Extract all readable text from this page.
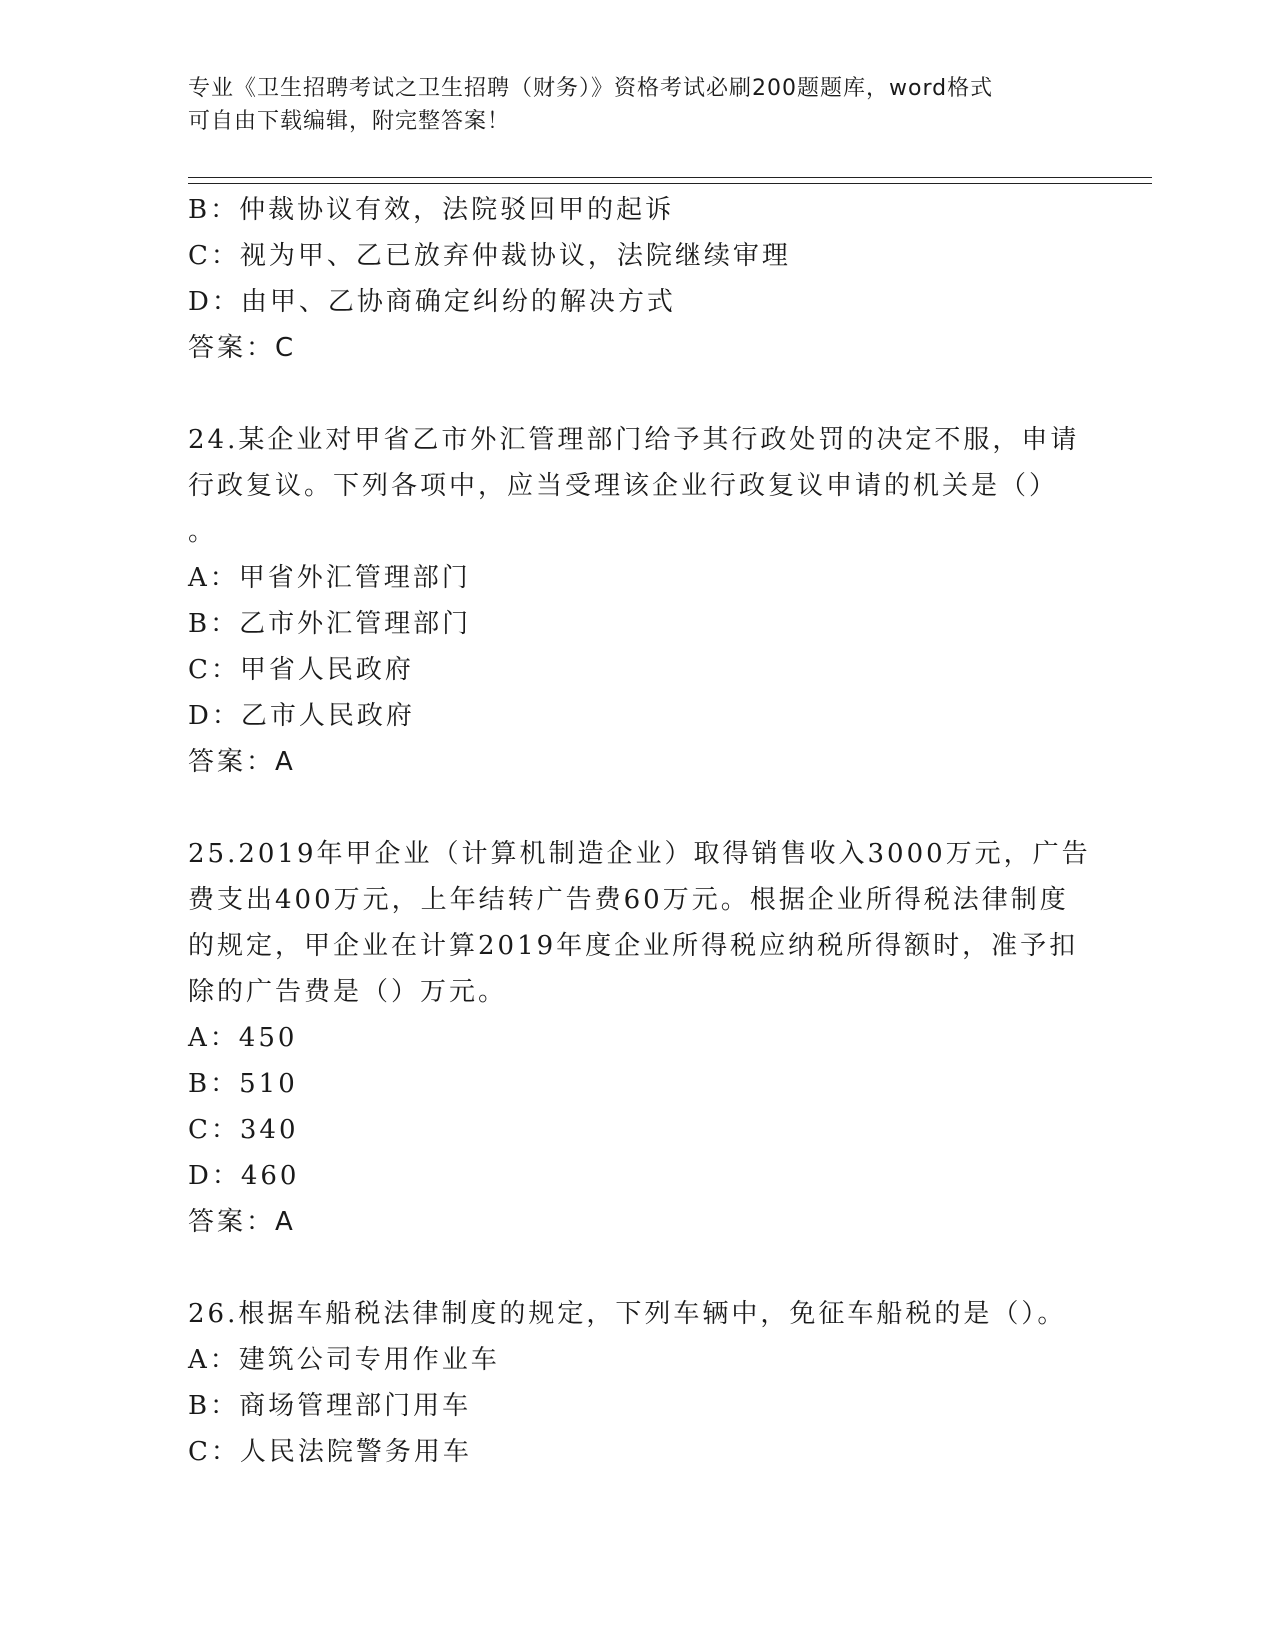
专业《卫生招聘考试之卫生招聘（财务）》资格考试必刷200题题库，word格式
可自由下载编辑，附完整答案！
B：仲裁协议有效，法院驳回甲的起诉
C：视为甲、乙已放弃仲裁协议，法院继续审理
D：由甲、乙协商确定纠纷的解决方式
答案：C
24.某企业对甲省乙市外汇管理部门给予其行政处罚的决定不服，申请
行政复议。下列各项中，应当受理该企业行政复议申请的机关是（）
。
A：甲省外汇管理部门
B：乙市外汇管理部门
C：甲省人民政府
D：乙市人民政府
答案：A
25.2019年甲企业（计算机制造企业）取得销售收入3000万元，广告
费支出400万元，上年结转广告费60万元。根据企业所得税法律制度
的规定，甲企业在计算2019年度企业所得税应纳税所得额时，准予扣
除的广告费是（）万元。
A：450
B：510
C：340
D：460
答案：A
26.根据车船税法律制度的规定，下列车辆中，免征车船税的是（）。
A：建筑公司专用作业车
B：商场管理部门用车
C：人民法院警务用车
